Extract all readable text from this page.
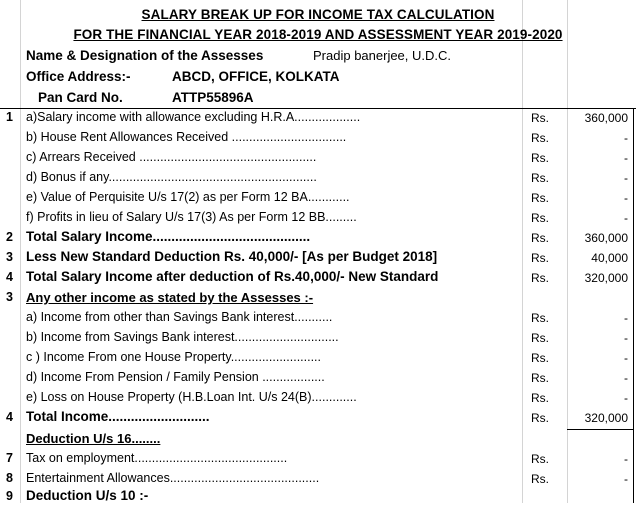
SALARY BREAK UP FOR INCOME TAX CALCULATION
FOR THE FINANCIAL YEAR 2018-2019 AND ASSESSMENT YEAR 2019-2020
Name & Designation of the Assesses	Pradip banerjee, U.D.C.
Office Address:-	ABCD, OFFICE, KOLKATA
Pan Card No.	ATTP55896A
1 a)Salary income with allowance excluding H.R.A...................	Rs.	360,000
b) House Rent Allowances Received .................................	Rs.	-
c) Arrears Received ...................................................	Rs.	-
d) Bonus if any............................................................	Rs.	-
e) Value of Perquisite U/s 17(2) as per Form 12 BA............	Rs.	-
f) Profits in lieu of Salary U/s 17(3) As per Form 12 BB.........	Rs.	-
2 Total Salary Income..........................................	Rs.	360,000
3 Less New Standard Deduction Rs. 40,000/- [As per Budget 2018]	Rs.	40,000
4 Total Salary Income after deduction of Rs.40,000/- New Standard	Rs.	320,000
3 Any other income as stated by the Assesses :-
a) Income from other than Savings Bank interest...........	Rs.	-
b) Income from Savings Bank interest..............................	Rs.	-
c ) Income From one House Property..........................	Rs.	-
d) Income From Pension / Family Pension ..................	Rs.	-
e) Loss on House Property (H.B.Loan Int. U/s 24(B).............	Rs.	-
4 Total Income...........................	Rs.	320,000
Deduction U/s 16........
7 Tax on employment............................................	Rs.	-
8 Entertainment Allowances...........................................	Rs.	-
9 Deduction U/s 10 :-
